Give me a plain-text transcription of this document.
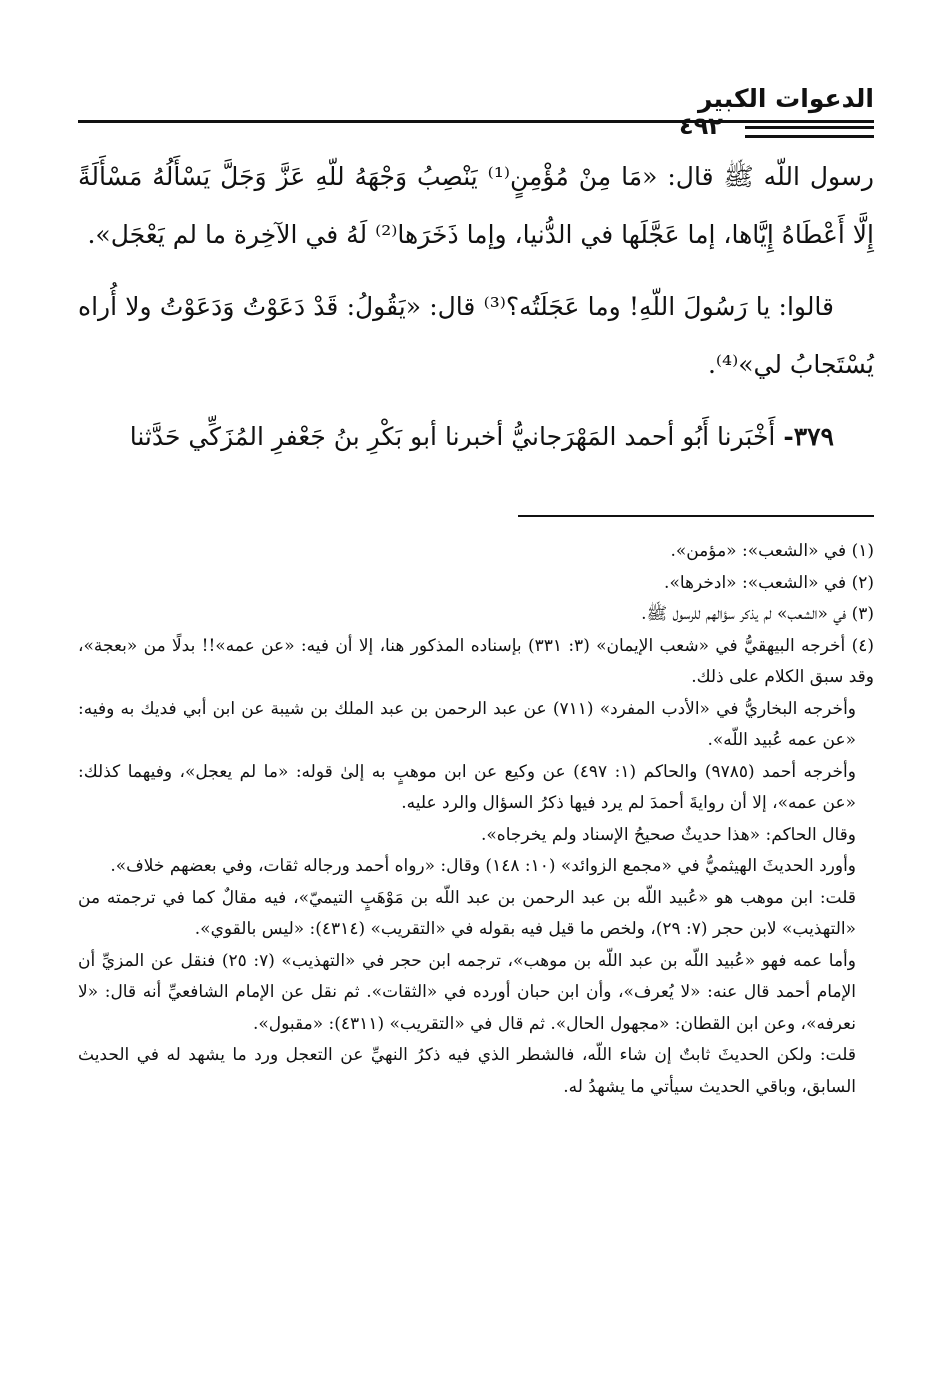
الدعوات الكبير
٤٩٢

رسول اللّه ﷺ قال: «مَا مِنْ مُؤْمِنٍ⁽¹⁾ يَنْصِبُ وَجْهَهُ للّهِ عَزَّ وَجَلَّ يَسْأَلُهُ مَسْأَلَةً إِلَّا أَعْطَاهُ إِيَّاها، إما عَجَّلَها في الدُّنيا، وإما ذَخَرَها⁽²⁾ لَهُ في الآخِرة ما لم يَعْجَل».

قالوا: يا رَسُولَ اللّهِ! وما عَجَلَتُه؟⁽³⁾ قال: «يَقُولُ: قَدْ دَعَوْتُ وَدَعَوْتُ ولا أُراه يُسْتَجابُ لي»⁽⁴⁾.

٣٧٩- أَخْبَرنا أَبُو أحمد المَهْرَجانيُّ أخبرنا أبو بَكْرِ بنُ جَعْفرِ المُزَكِّي حَدَّثنا

(١) في «الشعب»: «مؤمن».

(٢) في «الشعب»: «ادخرها».

(٣) في «الشعب» لم يذكر سؤالهم للرسول ﷺ.

(٤) أخرجه البيهقيُّ في «شعب الإيمان» (٣: ٣٣١) بإسناده المذكور هنا، إلا أن فيه: «عن عمه»!! بدلًا من «بعجة»، وقد سبق الكلام على ذلك.

وأخرجه البخاريُّ في «الأدب المفرد» (٧١١) عن عبد الرحمن بن عبد الملك بن شيبة عن ابن أبي فديك به وفيه: «عن عمه عُبيد اللّه».

وأخرجه أحمد (٩٧٨٥) والحاكم (١: ٤٩٧) عن وكيع عن ابن موهبٍ به إلىٰ قوله: «ما لم يعجل»، وفيهما كذلك: «عن عمه»، إلا أن روايةَ أحمدَ لم يرد فيها ذكرُ السؤال والرد عليه.

وقال الحاكم: «هذا حديثٌ صحيحُ الإسناد ولم يخرجاه».

وأورد الحديثَ الهيثميُّ في «مجمع الزوائد» (١٠: ١٤٨) وقال: «رواه أحمد ورجاله ثقات، وفي بعضهم خلاف».

قلت: ابن موهب هو «عُبيد اللّه بن عبد الرحمن بن عبد اللّه بن مَوْهَبٍ التيميّ»، فيه مقالٌ كما في ترجمته من «التهذيب» لابن حجر (٧: ٢٩)، ولخص ما قيل فيه بقوله في «التقريب» (٤٣١٤): «ليس بالقوي».

وأما عمه فهو «عُبيد اللّه بن عبد اللّه بن موهب»، ترجمه ابن حجر في «التهذيب» (٧: ٢٥) فنقل عن المزيِّ أن الإمام أحمد قال عنه: «لا يُعرف»، وأن ابن حبان أورده في «الثقات». ثم نقل عن الإمام الشافعيِّ أنه قال: «لا نعرفه»، وعن ابن القطان: «مجهول الحال». ثم قال في «التقريب» (٤٣١١): «مقبول».

قلت: ولكن الحديثَ ثابتٌ إن شاء اللّه، فالشطر الذي فيه ذكرُ النهيِّ عن التعجل ورد ما يشهد له في الحديث السابق، وباقي الحديث سيأتي ما يشهدُ له.
